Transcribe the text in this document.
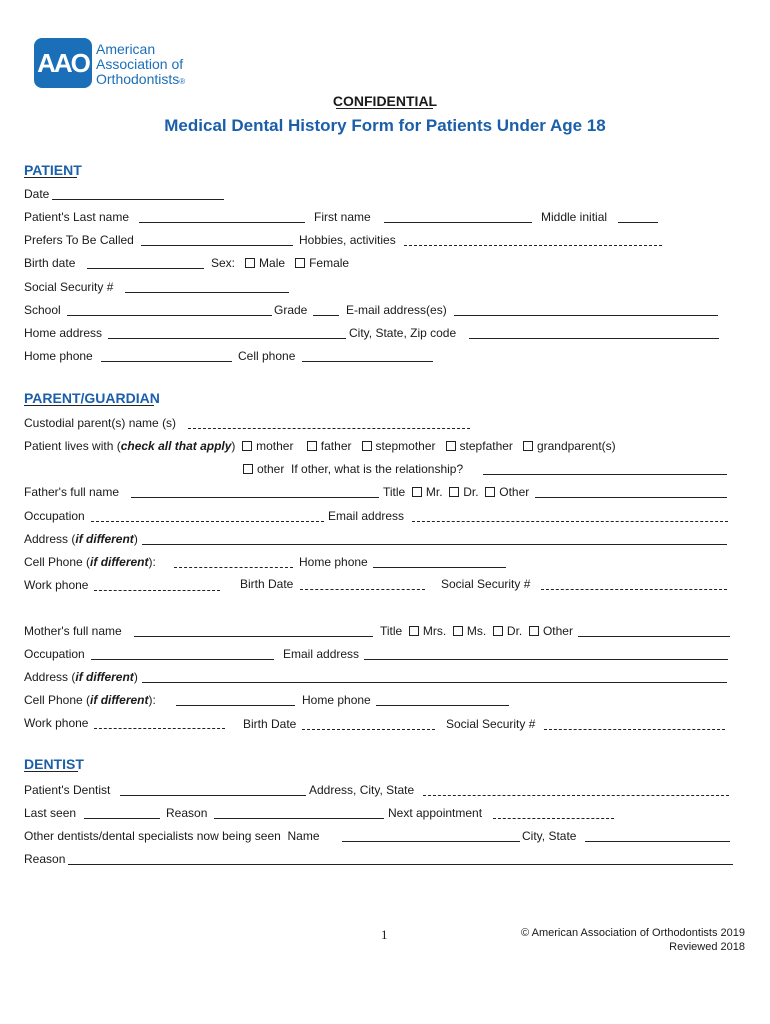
AAO American
Association of
Orthodontists®
CONFIDENTIAL
Medical Dental History Form for Patients Under Age 18
PATIENT
Date
Patient's Last name	First name	Middle initial
Prefers To Be Called	Hobbies, activities
Birth date	Sex: Male Female
Social Security #
School	Grade	E-mail address(es)
Home address	City, State, Zip code
Home phone	Cell phone
PARENT/GUARDIAN
Custodial parent(s) name (s)
Patient lives with (check all that apply) mother father stepmother stepfather grandparent(s)
other If other, what is the relationship?
Father's full name	Title Mr. Dr. Other
Occupation	Email address
Address (if different)
Cell Phone (if different):	Home phone
Work phone	Birth Date	Social Security #
Mother's full name	Title Mrs. Ms. Dr. Other
Occupation	Email address
Address (if different)
Cell Phone (if different):	Home phone
Work phone	Birth Date	Social Security #
DENTIST
Patient's Dentist	Address, City, State
Last seen	Reason	Next appointment
Other dentists/dental specialists now being seen Name	City, State
Reason
1	© American Association of Orthodontists 2019
Reviewed 2018
